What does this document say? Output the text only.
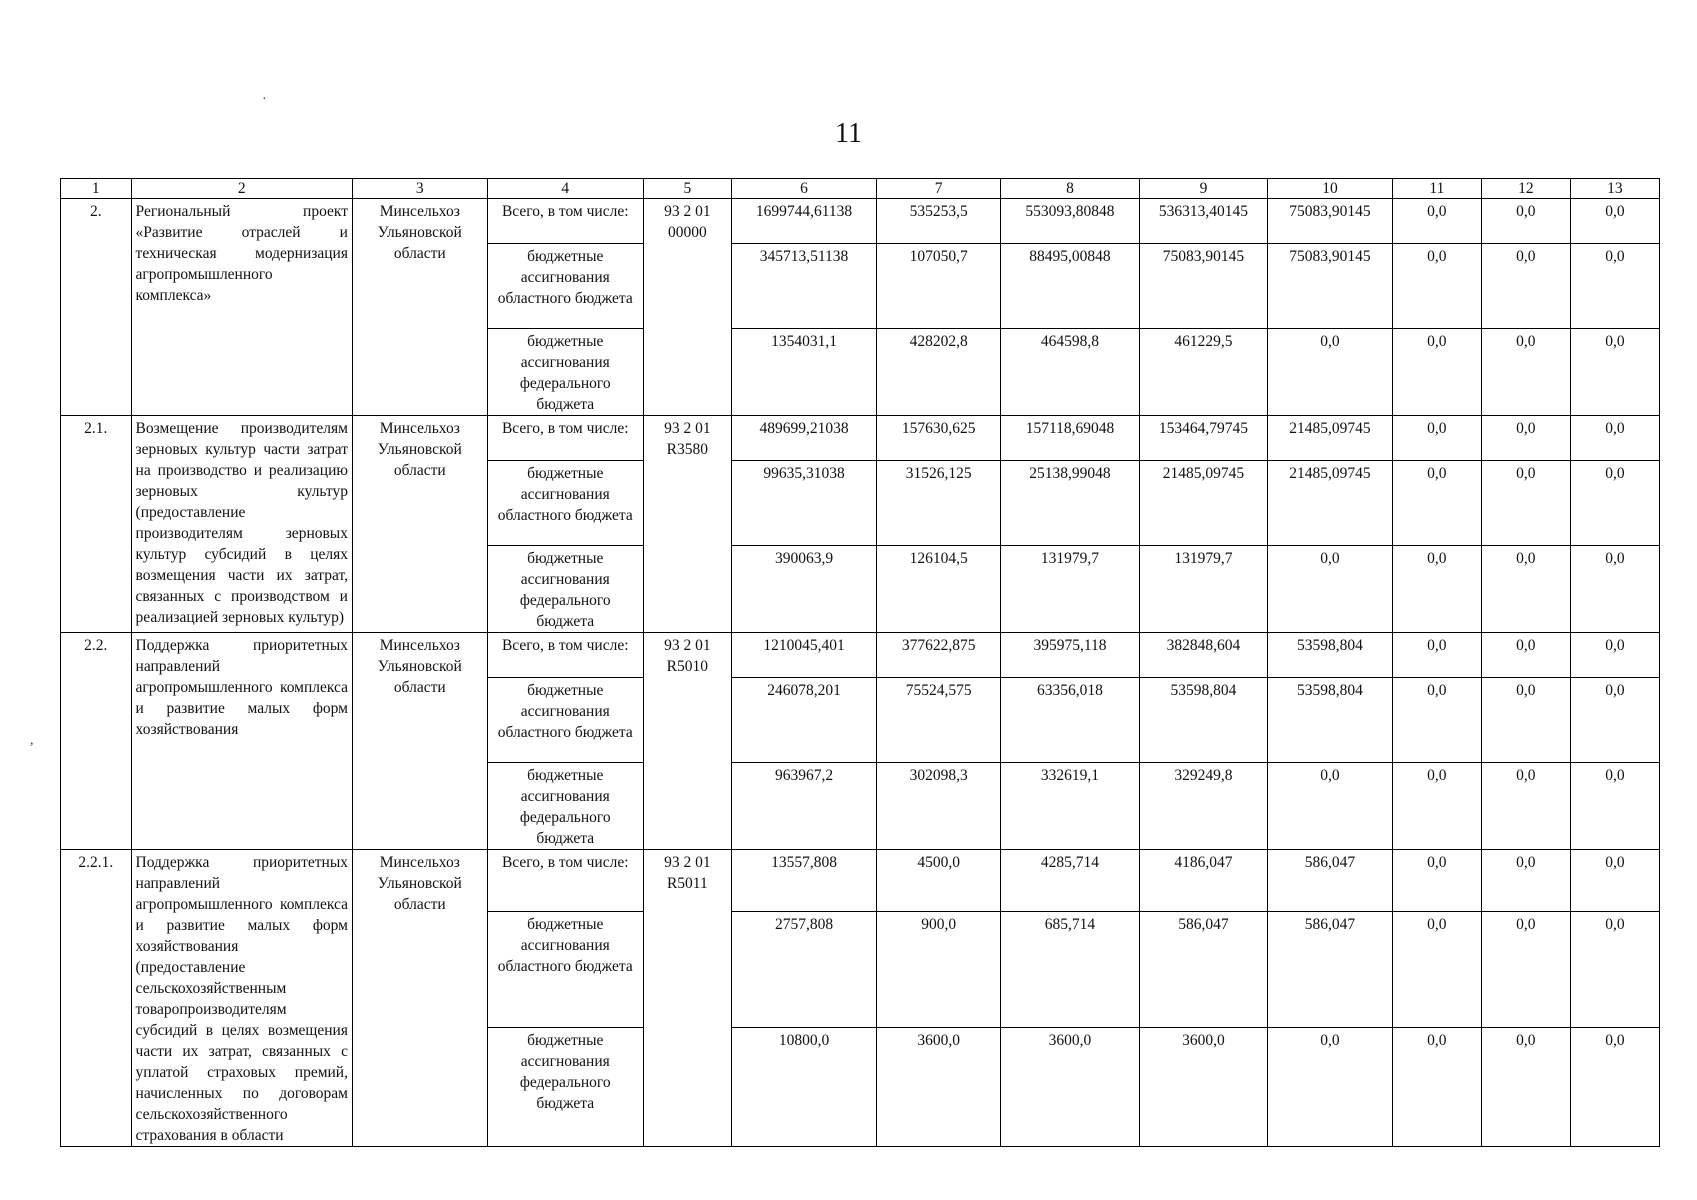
11
·
,
1	2	3	4	5	6	7	8	9	10	11	12	13
2.	Региональный проект «Развитие отраслей и техническая модернизация агропромышленного комплекса»	Минсельхоз Ульяновской области	Всего, в том числе:	93 2 01 00000	1699744,61138	535253,5	553093,80848	536313,40145	75083,90145	0,0	0,0	0,0
			бюджетные ассигнования областного бюджета		345713,51138	107050,7	88495,00848	75083,90145	75083,90145	0,0	0,0	0,0
			бюджетные ассигнования федерального бюджета		1354031,1	428202,8	464598,8	461229,5	0,0	0,0	0,0	0,0
2.1.	Возмещение производителям зерновых культур части затрат на производство и реализацию зерновых культур (предоставление производителям зерновых культур субсидий в целях возмещения части их затрат, связанных с производством и реализацией зерновых культур)	Минсельхоз Ульяновской области	Всего, в том числе:	93 2 01 R3580	489699,21038	157630,625	157118,69048	153464,79745	21485,09745	0,0	0,0	0,0
			бюджетные ассигнования областного бюджета		99635,31038	31526,125	25138,99048	21485,09745	21485,09745	0,0	0,0	0,0
			бюджетные ассигнования федерального бюджета		390063,9	126104,5	131979,7	131979,7	0,0	0,0	0,0	0,0
2.2.	Поддержка приоритетных направлений агропромышленного комплекса и развитие малых форм хозяйствования	Минсельхоз Ульяновской области	Всего, в том числе:	93 2 01 R5010	1210045,401	377622,875	395975,118	382848,604	53598,804	0,0	0,0	0,0
			бюджетные ассигнования областного бюджета		246078,201	75524,575	63356,018	53598,804	53598,804	0,0	0,0	0,0
			бюджетные ассигнования федерального бюджета		963967,2	302098,3	332619,1	329249,8	0,0	0,0	0,0	0,0
2.2.1.	Поддержка приоритетных направлений агропромышленного комплекса и развитие малых форм хозяйствования (предоставление сельскохозяйственным товаропроизводителям субсидий в целях возмещения части их затрат, связанных с уплатой страховых премий, начисленных по договорам сельскохозяйственного страхования в области	Минсельхоз Ульяновской области	Всего, в том числе:	93 2 01 R5011	13557,808	4500,0	4285,714	4186,047	586,047	0,0	0,0	0,0
			бюджетные ассигнования областного бюджета		2757,808	900,0	685,714	586,047	586,047	0,0	0,0	0,0
			бюджетные ассигнования федерального бюджета		10800,0	3600,0	3600,0	3600,0	0,0	0,0	0,0	0,0
